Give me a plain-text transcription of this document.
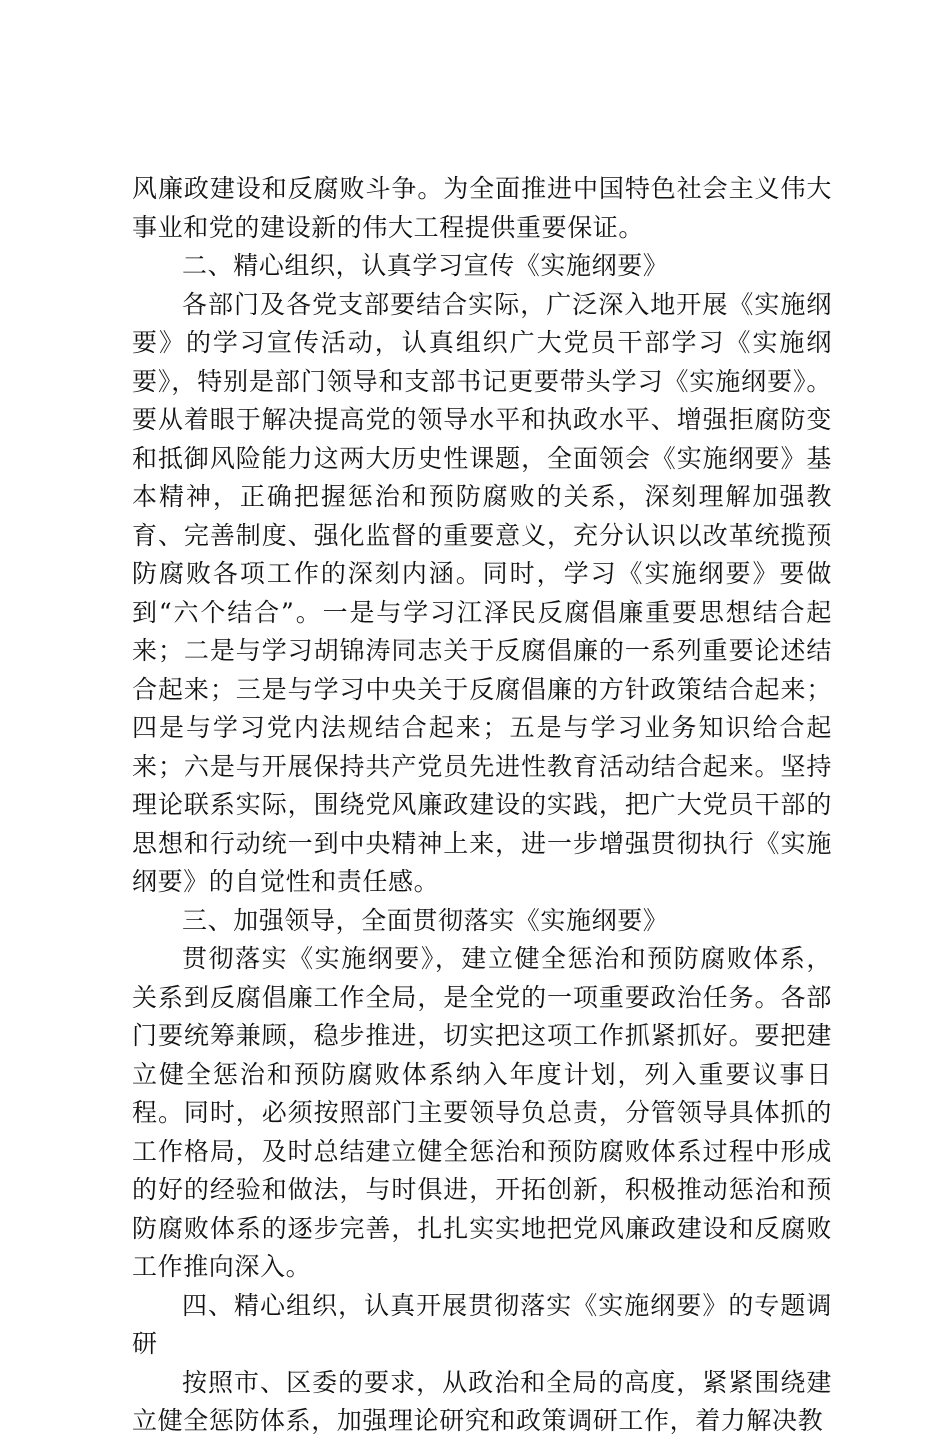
风廉政建设和反腐败斗争。为全面推进中国特色社会主义伟大事业和党的建设新的伟大工程提供重要保证。

二、精心组织，认真学习宣传《实施纲要》

各部门及各党支部要结合实际，广泛深入地开展《实施纲要》的学习宣传活动，认真组织广大党员干部学习《实施纲要》，特别是部门领导和支部书记更要带头学习《实施纲要》。要从着眼于解决提高党的领导水平和执政水平、增强拒腐防变和抵御风险能力这两大历史性课题，全面领会《实施纲要》基本精神，正确把握惩治和预防腐败的关系，深刻理解加强教育、完善制度、强化监督的重要意义，充分认识以改革统揽预防腐败各项工作的深刻内涵。同时，学习《实施纲要》要做到“六个结合”。一是与学习江泽民反腐倡廉重要思想结合起来；二是与学习胡锦涛同志关于反腐倡廉的一系列重要论述结合起来；三是与学习中央关于反腐倡廉的方针政策结合起来；四是与学习党内法规结合起来；五是与学习业务知识给合起来；六是与开展保持共产党员先进性教育活动结合起来。坚持理论联系实际，围绕党风廉政建设的实践，把广大党员干部的思想和行动统一到中央精神上来，进一步增强贯彻执行《实施纲要》的自觉性和责任感。

三、加强领导，全面贯彻落实《实施纲要》

贯彻落实《实施纲要》，建立健全惩治和预防腐败体系，关系到反腐倡廉工作全局，是全党的一项重要政治任务。各部门要统筹兼顾，稳步推进，切实把这项工作抓紧抓好。要把建立健全惩治和预防腐败体系纳入年度计划，列入重要议事日程。同时，必须按照部门主要领导负总责，分管领导具体抓的工作格局，及时总结建立健全惩治和预防腐败体系过程中形成的好的经验和做法，与时俱进，开拓创新，积极推动惩治和预防腐败体系的逐步完善，扎扎实实地把党风廉政建设和反腐败工作推向深入。

四、精心组织，认真开展贯彻落实《实施纲要》的专题调研

按照市、区委的要求，从政治和全局的高度，紧紧围绕建立健全惩防体系，加强理论研究和政策调研工作，着力解决教
